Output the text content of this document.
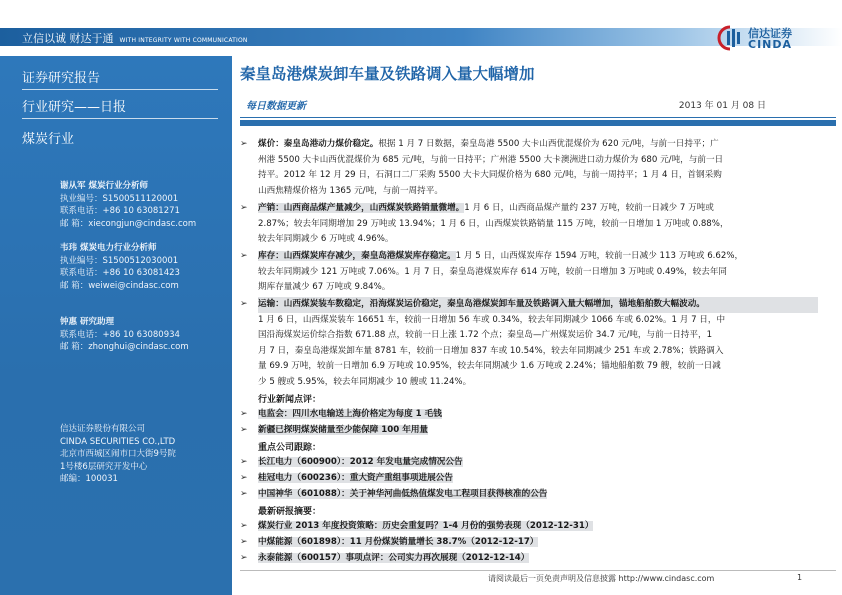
立信以诚 财达于通 WITH INTEGRITY WITH COMMUNICATION
信达证券
CINDA
证券研究报告
行业研究——日报
煤炭行业
谢从军 煤炭行业分析师
执业编号：S1500511120001
联系电话：+86 10 63081271
邮 箱：xiecongjun@cindasc.com
韦玮 煤炭电力行业分析师
执业编号：S1500512030001
联系电话：+86 10 63081423
邮 箱：weiwei@cindasc.com
钟惠 研究助理
联系电话：+86 10 63080934
邮 箱：zhonghui@cindasc.com
信达证券股份有限公司
CINDA SECURITIES CO.,LTD
北京市西城区闹市口大街9号院
1号楼6层研究开发中心
邮编：100031
秦皇岛港煤炭卸车量及铁路调入量大幅增加
每日数据更新	2013 年 01 月 08 日
➢ 煤价：秦皇岛港动力煤价稳定。根据 1 月 7 日数据，秦皇岛港 5500 大卡山西优混煤价为 620 元/吨，与前一日持平；广
州港 5500 大卡山西优混煤价为 685 元/吨，与前一日持平；广州港 5500 大卡澳洲进口动力煤价为 680 元/吨，与前一日
持平。2012 年 12 月 29 日，石洞口二厂采购 5500 大卡大同煤价格为 680 元/吨，与前一周持平；1 月 4 日，首钢采购
山西焦精煤价格为 1365 元/吨，与前一周持平。
➢ 产销：山西商品煤产量减少，山西煤炭铁路销量微增。1 月 6 日，山西商品煤产量约 237 万吨，较前一日减少 7 万吨或
2.87%；较去年同期增加 29 万吨或 13.94%；1 月 6 日，山西煤炭铁路销量 115 万吨，较前一日增加 1 万吨或 0.88%，
较去年同期减少 6 万吨或 4.96%。
➢ 库存：山西煤炭库存减少，秦皇岛港煤炭库存稳定。1 月 5 日，山西煤炭库存 1594 万吨，较前一日减少 113 万吨或 6.62%，
较去年同期减少 121 万吨或 7.06%。1 月 7 日，秦皇岛港煤炭库存 614 万吨，较前一日增加 3 万吨或 0.49%，较去年同
期库存量减少 67 万吨或 9.84%。
➢ 运输：山西煤炭装车数稳定，沿海煤炭运价稳定，秦皇岛港煤炭卸车量及铁路调入量大幅增加，锚地船舶数大幅波动。
1 月 6 日，山西煤炭装车 16651 车，较前一日增加 56 车或 0.34%，较去年同期减少 1066 车或 6.02%。1 月 7 日，中
国沿海煤炭运价综合指数 671.88 点，较前一日上涨 1.72 个点；秦皇岛—广州煤炭运价 34.7 元/吨，与前一日持平，1
月 7 日，秦皇岛港煤炭卸车量 8781 车，较前一日增加 837 车或 10.54%，较去年同期减少 251 车或 2.78%；铁路调入
量 69.9 万吨，较前一日增加 6.9 万吨或 10.95%，较去年同期减少 1.6 万吨或 2.24%；锚地船舶数 79 艘，较前一日减
少 5 艘或 5.95%，较去年同期减少 10 艘或 11.24%。
行业新闻点评：
➢ 电监会：四川水电输送上海价格定为每度 1 毛钱
➢ 新疆已探明煤炭储量至少能保障 100 年用量
重点公司跟踪：
➢ 长江电力（600900）：2012 年发电量完成情况公告
➢ 桂冠电力（600236）：重大资产重组事项进展公告
➢ 中国神华（601088）：关于神华河曲低热值煤发电工程项目获得核准的公告
最新研报摘要：
➢ 煤炭行业 2013 年度投资策略：历史会重复吗？1-4 月份的强势表现（2012-12-31）
➢ 中煤能源（601898）：11 月份煤炭销量增长 38.7%（2012-12-17）
➢ 永泰能源（600157）事项点评：公司实力再次展现（2012-12-14）
请阅读最后一页免责声明及信息披露 http://www.cindasc.com	1
